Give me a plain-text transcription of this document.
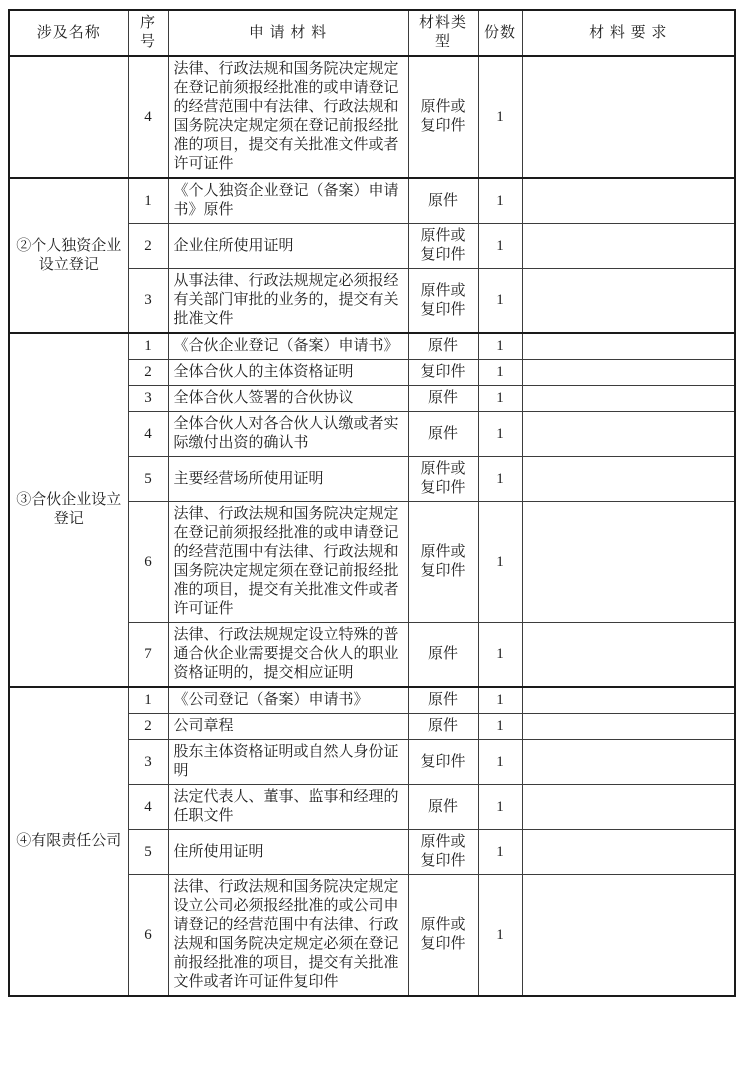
涉及名称	序号	申 请 材 料	材料类型	份数	材 料 要 求
	4	法律、行政法规和国务院决定规定在登记前须报经批准的或申请登记的经营范围中有法律、行政法规和国务院决定规定须在登记前报经批准的项目，提交有关批准文件或者许可证件	原件或复印件	1	
②个人独资企业设立登记	1	《个人独资企业登记（备案）申请书》原件	原件	1	
	2	企业住所使用证明	原件或复印件	1	
	3	从事法律、行政法规规定必须报经有关部门审批的业务的，提交有关批准文件	原件或复印件	1	
③合伙企业设立登记	1	《合伙企业登记（备案）申请书》	原件	1	
	2	全体合伙人的主体资格证明	复印件	1	
	3	全体合伙人签署的合伙协议	原件	1	
	4	全体合伙人对各合伙人认缴或者实际缴付出资的确认书	原件	1	
	5	主要经营场所使用证明	原件或复印件	1	
	6	法律、行政法规和国务院决定规定在登记前须报经批准的或申请登记的经营范围中有法律、行政法规和国务院决定规定须在登记前报经批准的项目，提交有关批准文件或者许可证件	原件或复印件	1	
	7	法律、行政法规规定设立特殊的普通合伙企业需要提交合伙人的职业资格证明的，提交相应证明	原件	1	
④有限责任公司	1	《公司登记（备案）申请书》	原件	1	
	2	公司章程	原件	1	
	3	股东主体资格证明或自然人身份证明	复印件	1	
	4	法定代表人、董事、监事和经理的任职文件	原件	1	
	5	住所使用证明	原件或复印件	1	
	6	法律、行政法规和国务院决定规定设立公司必须报经批准的或公司申请登记的经营范围中有法律、行政法规和国务院决定规定必须在登记前报经批准的项目，提交有关批准文件或者许可证件复印件	原件或复印件	1	
